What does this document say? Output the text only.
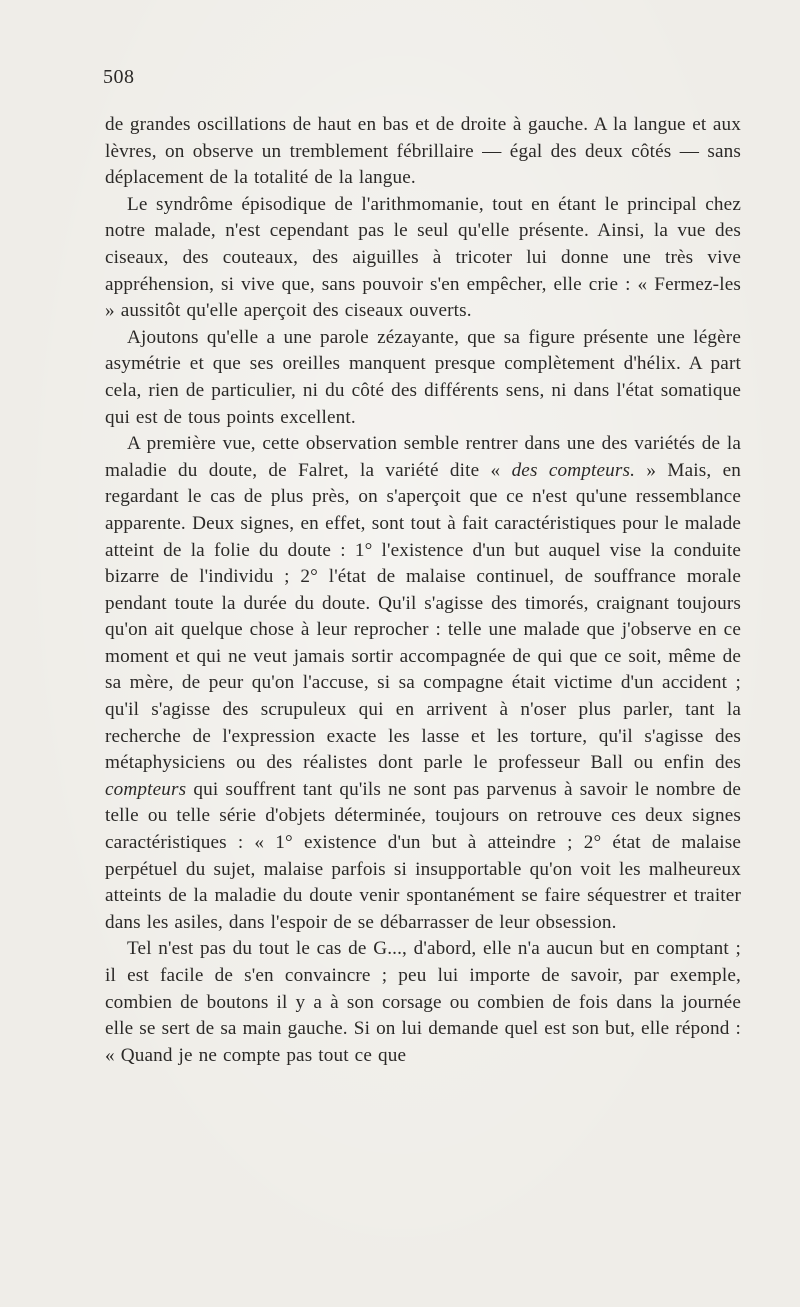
508

de grandes oscillations de haut en bas et de droite à gauche. A la langue et aux lèvres, on observe un tremblement fébrillaire — égal des deux côtés — sans déplacement de la totalité de la langue.

Le syndrôme épisodique de l'arithmomanie, tout en étant le principal chez notre malade, n'est cependant pas le seul qu'elle présente. Ainsi, la vue des ciseaux, des couteaux, des aiguilles à tricoter lui donne une très vive appréhension, si vive que, sans pouvoir s'en empêcher, elle crie : « Fermez-les » aussitôt qu'elle aperçoit des ciseaux ouverts.

Ajoutons qu'elle a une parole zézayante, que sa figure présente une légère asymétrie et que ses oreilles manquent presque complètement d'hélix. A part cela, rien de particulier, ni du côté des différents sens, ni dans l'état somatique qui est de tous points excellent.

A première vue, cette observation semble rentrer dans une des variétés de la maladie du doute, de Falret, la variété dite « des compteurs. » Mais, en regardant le cas de plus près, on s'aperçoit que ce n'est qu'une ressemblance apparente. Deux signes, en effet, sont tout à fait caractéristiques pour le malade atteint de la folie du doute : 1° l'existence d'un but auquel vise la conduite bizarre de l'individu ; 2° l'état de malaise continuel, de souffrance morale pendant toute la durée du doute. Qu'il s'agisse des timorés, craignant toujours qu'on ait quelque chose à leur reprocher : telle une malade que j'observe en ce moment et qui ne veut jamais sortir accompagnée de qui que ce soit, même de sa mère, de peur qu'on l'accuse, si sa compagne était victime d'un accident ; qu'il s'agisse des scrupuleux qui en arrivent à n'oser plus parler, tant la recherche de l'expression exacte les lasse et les torture, qu'il s'agisse des métaphysiciens ou des réalistes dont parle le professeur Ball ou enfin des compteurs qui souffrent tant qu'ils ne sont pas parvenus à savoir le nombre de telle ou telle série d'objets déterminée, toujours on retrouve ces deux signes caractéristiques : « 1° existence d'un but à atteindre ; 2° état de malaise perpétuel du sujet, malaise parfois si insupportable qu'on voit les malheureux atteints de la maladie du doute venir spontanément se faire séquestrer et traiter dans les asiles, dans l'espoir de se débarrasser de leur obsession.

Tel n'est pas du tout le cas de G..., d'abord, elle n'a aucun but en comptant ; il est facile de s'en convaincre ; peu lui importe de savoir, par exemple, combien de boutons il y a à son corsage ou combien de fois dans la journée elle se sert de sa main gauche. Si on lui demande quel est son but, elle répond : « Quand je ne compte pas tout ce que
